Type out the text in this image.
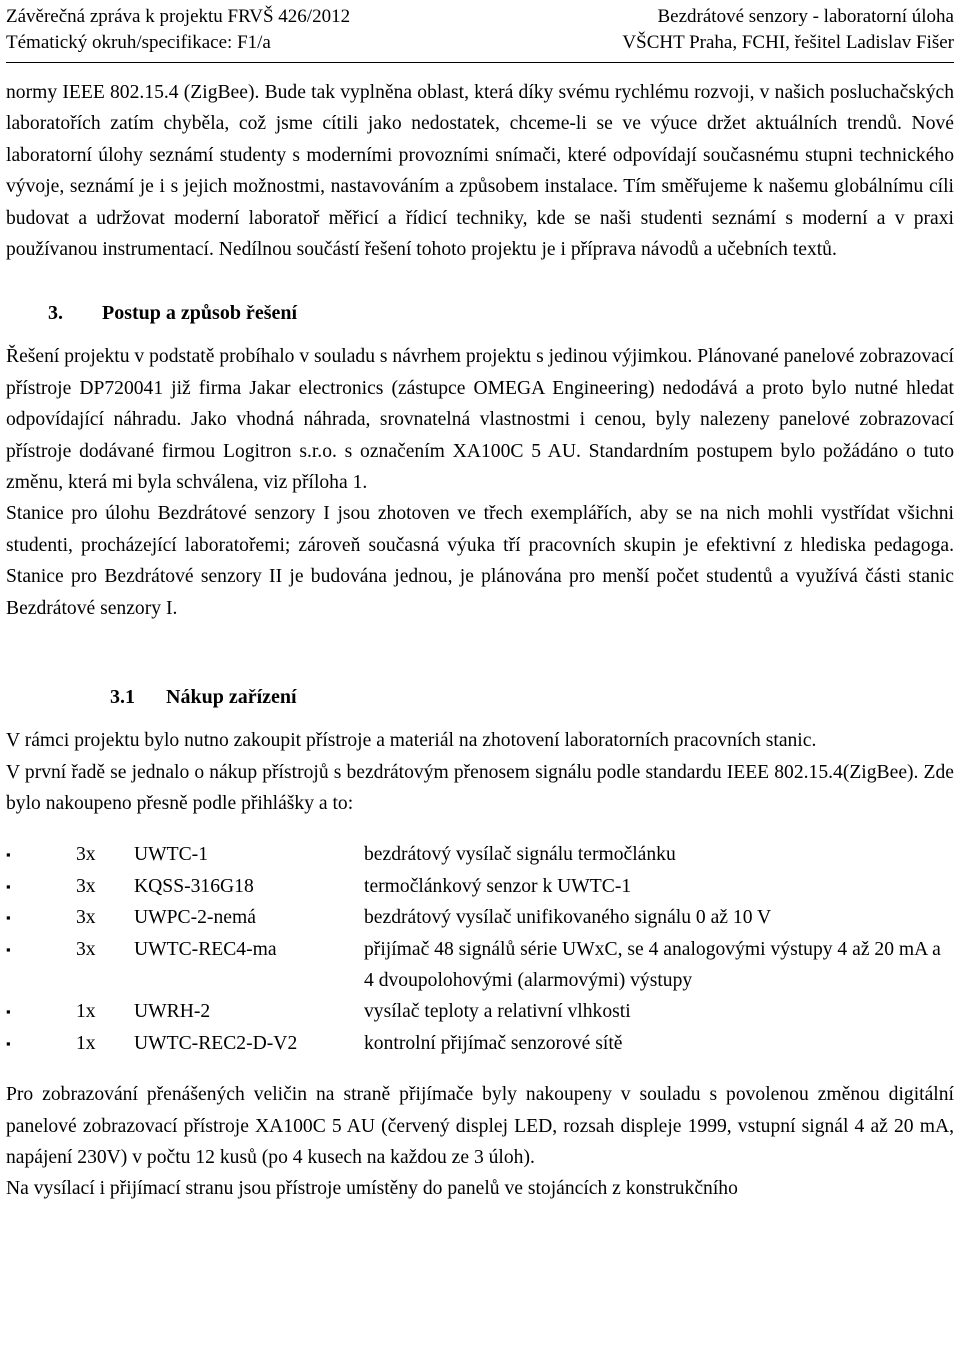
Závěrečná zpráva k projektu FRVŠ 426/2012
Tématický okruh/specifikace: F1/a
Bezdrátové senzory - laboratorní úloha
VŠCHT Praha, FCHI, řešitel Ladislav Fišer

normy IEEE 802.15.4 (ZigBee). Bude tak vyplněna oblast, která díky svému rychlému rozvoji, v našich posluchačských laboratořích zatím chyběla, což jsme cítili jako nedostatek, chceme-li se ve výuce držet aktuálních trendů. Nové laboratorní úlohy seznámí studenty s moderními provozními snímači, které odpovídají současnému stupni technického vývoje, seznámí je i s jejich možnostmi, nastavováním a způsobem instalace. Tím směřujeme k našemu globálnímu cíli budovat a udržovat moderní laboratoř měřicí a řídicí techniky, kde se naši studenti seznámí s moderní a v praxi používanou instrumentací. Nedílnou součástí řešení tohoto projektu je i příprava návodů a učebních textů.

3. Postup a způsob řešení

Řešení projektu v podstatě probíhalo v souladu s návrhem projektu s jedinou výjimkou. Plánované panelové zobrazovací přístroje DP720041 již firma Jakar electronics (zástupce OMEGA Engineering) nedodává a proto bylo nutné hledat odpovídající náhradu. Jako vhodná náhrada, srovnatelná vlastnostmi i cenou, byly nalezeny panelové zobrazovací přístroje dodávané firmou Logitron s.r.o. s označením XA100C 5 AU. Standardním postupem bylo požádáno o tuto změnu, která mi byla schválena, viz příloha 1.

Stanice pro úlohu Bezdrátové senzory I jsou zhotoven ve třech exemplářích, aby se na nich mohli vystřídat všichni studenti, procházející laboratořemi; zároveň současná výuka tří pracovních skupin je efektivní z hlediska pedagoga. Stanice pro Bezdrátové senzory II je budována jednou, je plánována pro menší počet studentů a využívá části stanic Bezdrátové senzory I.

3.1 Nákup zařízení

V rámci projektu bylo nutno zakoupit přístroje a materiál na zhotovení laboratorních pracovních stanic.

V první řadě se jednalo o nákup přístrojů s bezdrátovým přenosem signálu podle standardu IEEE 802.15.4(ZigBee). Zde bylo nakoupeno přesně podle přihlášky a to:

▪
3x	UWTC-1	bezdrátový vysílač signálu termočlánku
▪
3x	KQSS-316G18	termočlánkový senzor k UWTC-1
▪
3x	UWPC-2-nemá	bezdrátový vysílač unifikovaného signálu 0 až 10 V
▪
3x	UWTC-REC4-ma	přijímač 48 signálů série UWxC, se 4 analogovými výstupy 4 až 20 mA a 4 dvoupolohovými (alarmovými) výstupy
▪
1x	UWRH-2	vysílač teploty a relativní vlhkosti
▪
1x	UWTC-REC2-D-V2	kontrolní přijímač senzorové sítě

Pro zobrazování přenášených veličin na straně přijímače byly nakoupeny v souladu s povolenou změnou digitální panelové zobrazovací přístroje XA100C 5 AU (červený displej LED, rozsah displeje 1999, vstupní signál 4 až 20 mA, napájení 230V) v počtu 12 kusů (po 4 kusech na každou ze 3 úloh).

Na vysílací i přijímací stranu jsou přístroje umístěny do panelů ve stojáncích z konstrukčního
